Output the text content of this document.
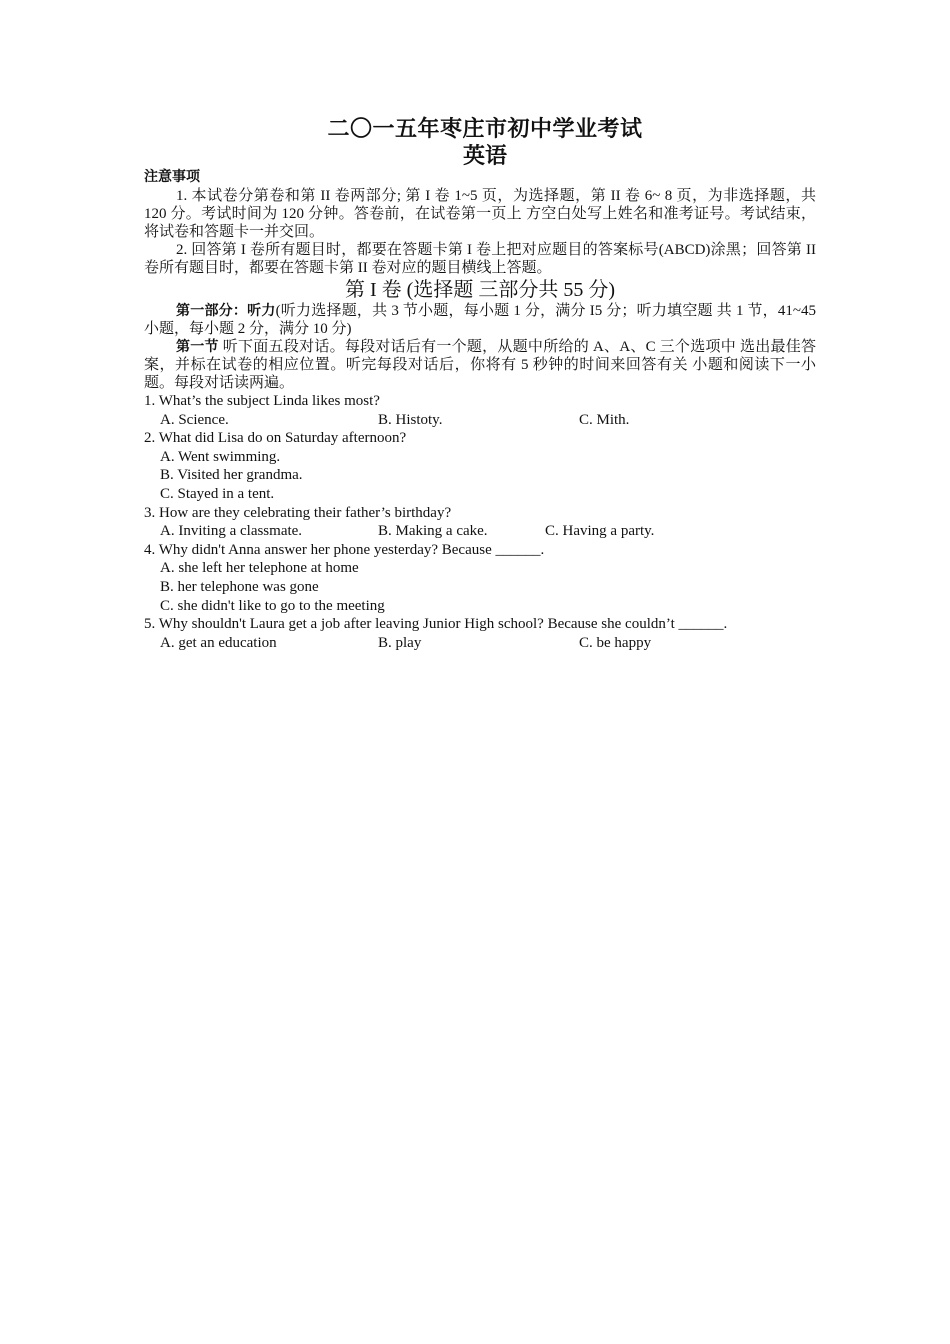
二〇一五年枣庄市初中学业考试
英语
注意事项
1. 本试卷分第卷和第 II 卷两部分; 第 I 卷 1~5 页，为选择题，第 II 卷 6~ 8 页，为非选择题，共 120 分。考试时间为 120 分钟。答卷前，在试卷第一页上 方空白处写上姓名和准考证号。考试结束，将试卷和答题卡一并交回。
2. 回答第 I 卷所有题目时，都要在答题卡第 I 卷上把对应题目的答案标号(ABCD)涂黑；回答第 II 卷所有题目时，都要在答题卡第 II 卷对应的题目横线上答题。
第 I 卷 (选择题 三部分共 55 分)
第一部分：听力(听力选择题，共 3 节小题，每小题 1 分，满分 I5 分；听力填空题 共 1 节，41~45 小题，每小题 2 分，满分 10 分)
第一节 听下面五段对话。每段对话后有一个题，从题中所给的 A、A、C 三个选项中 选出最佳答案，并标在试卷的相应位置。听完每段对话后，你将有 5 秒钟的时间来回答有关 小题和阅读下一小题。每段对话读两遍。
1. What’s the subject Linda likes most?
A. Science.	B. Histoty.	C. Mith.
2. What did Lisa do on Saturday afternoon?
A. Went swimming.
B. Visited her grandma.
C. Stayed in a tent.
3. How are they celebrating their father’s birthday?
A. Inviting a classmate.	B. Making a cake.	C. Having a party.
4. Why didn't Anna answer her phone yesterday? Because ______.
A. she left her telephone at home
B. her telephone was gone
C. she didn't like to go to the meeting
5. Why shouldn't Laura get a job after leaving Junior High school? Because she couldn’t ______.
A. get an education	B. play	C. be happy
